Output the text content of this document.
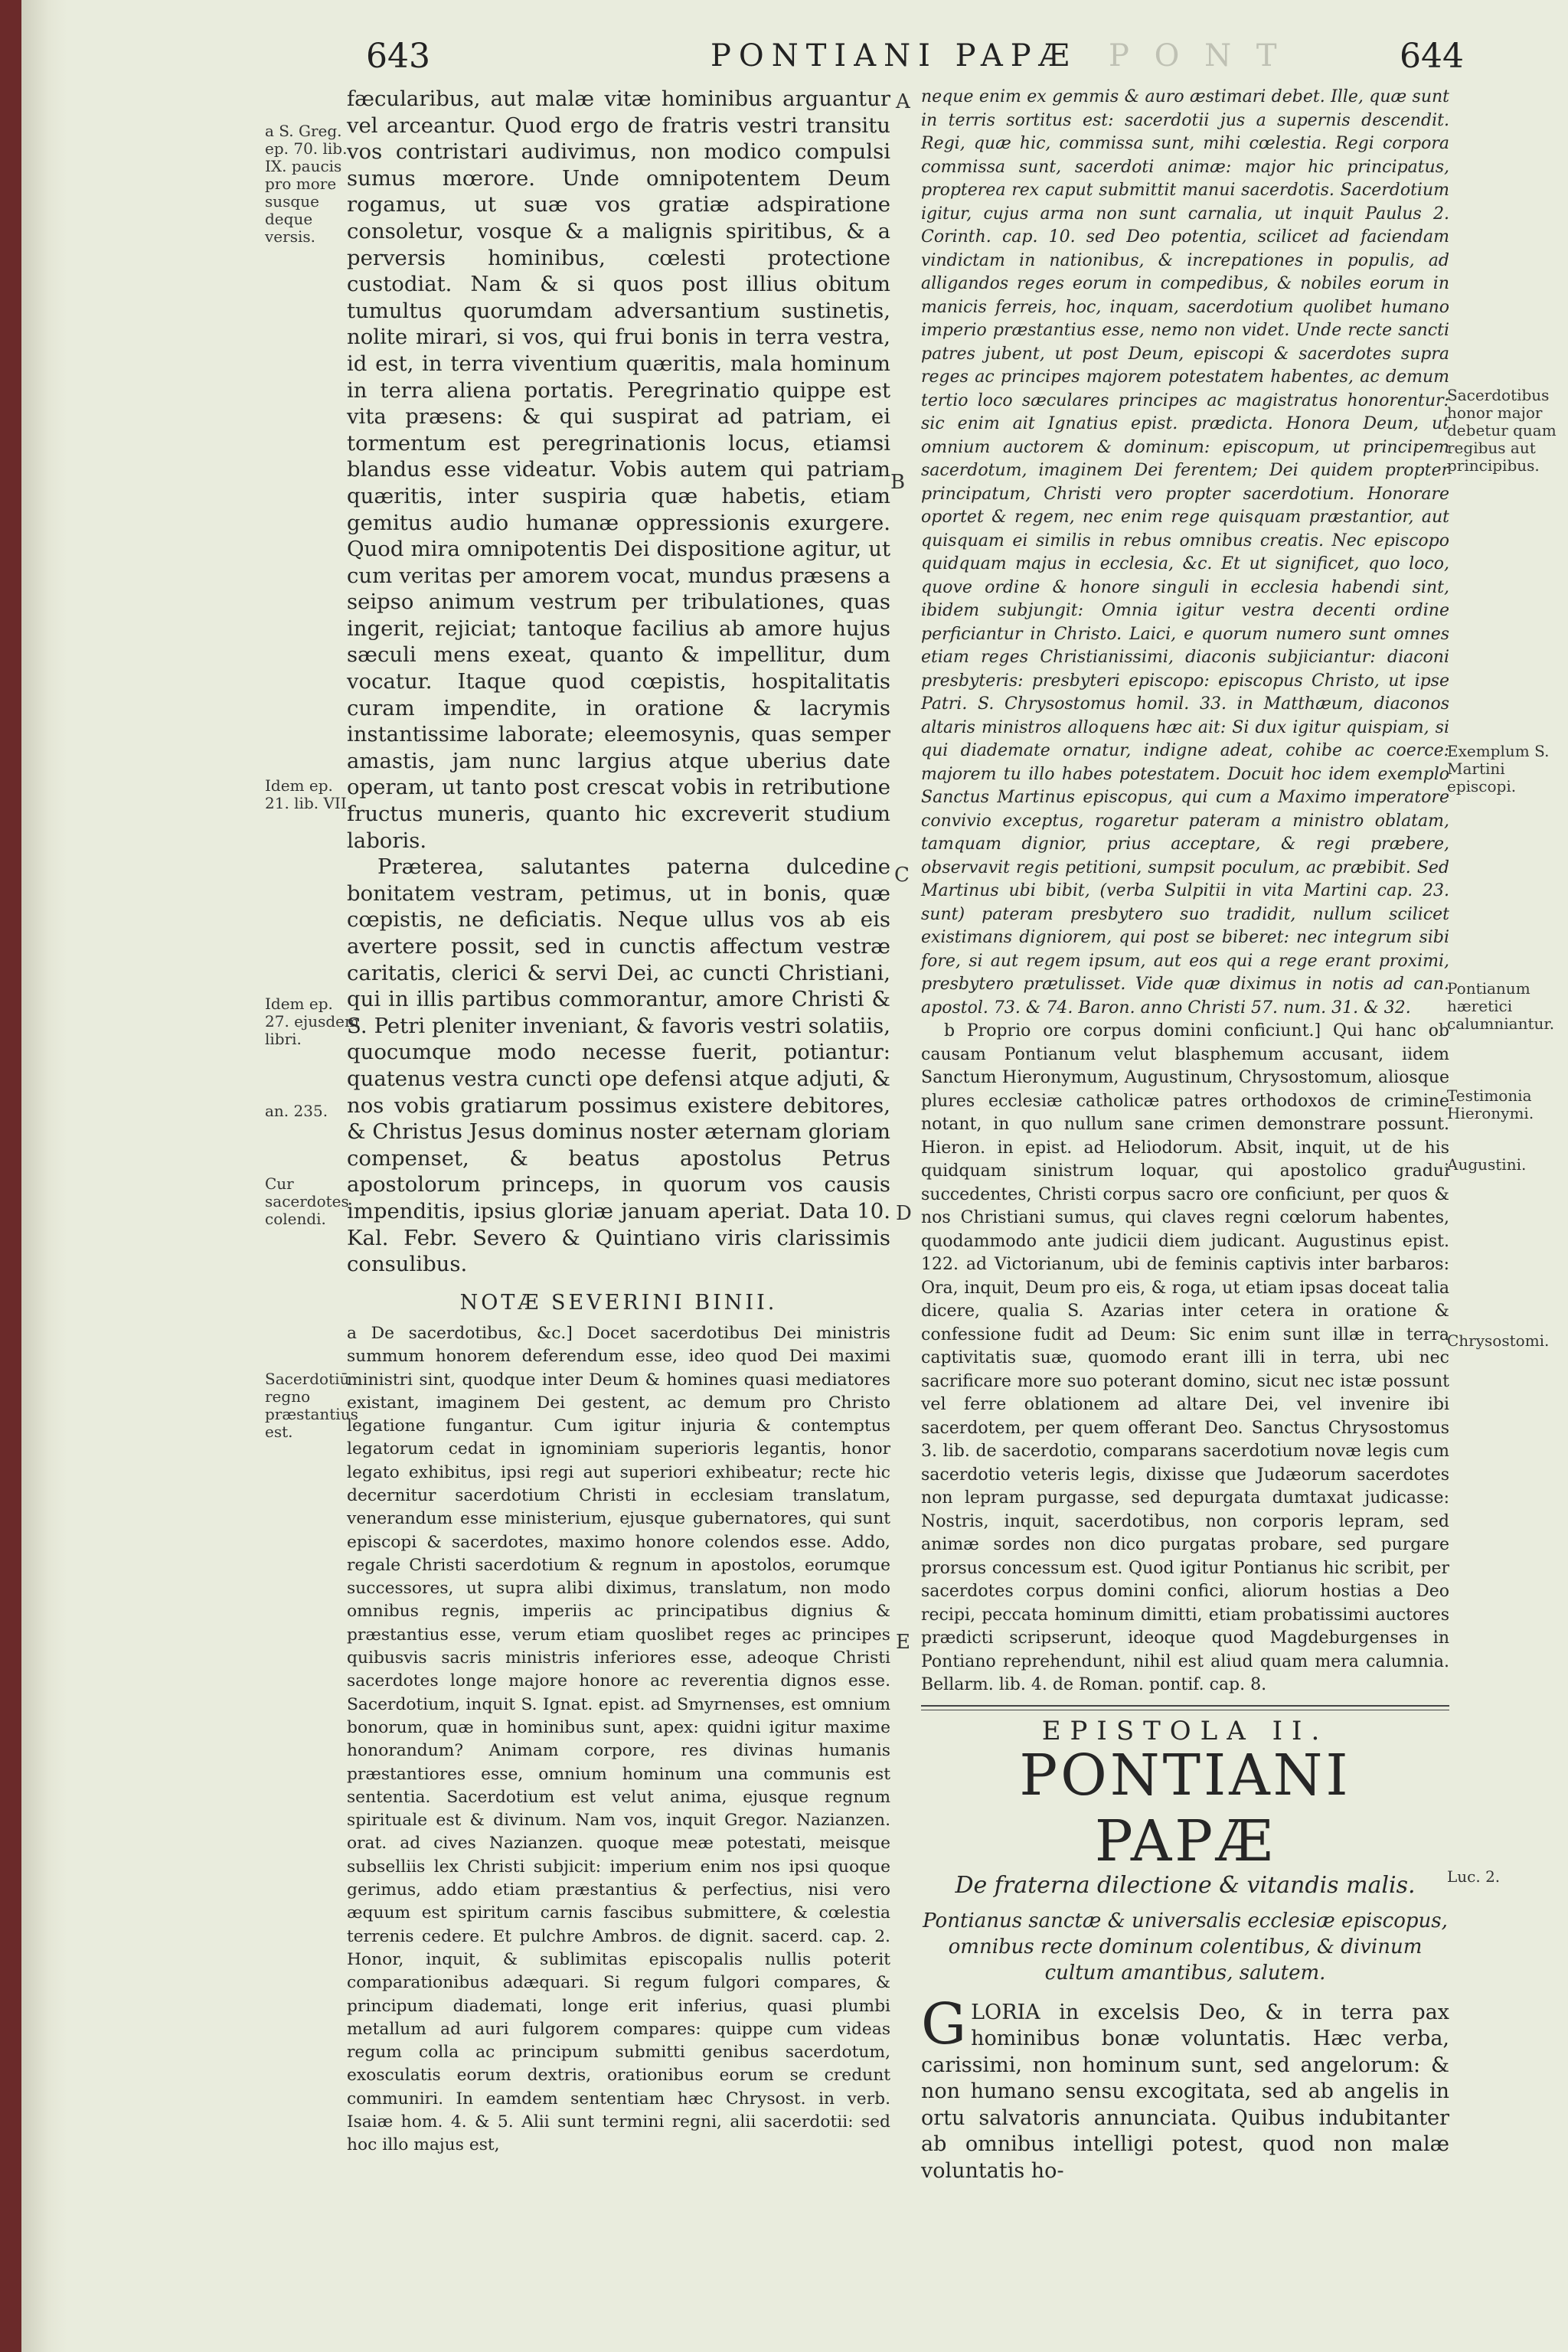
643	PONTIANI PAPÆ P O N T	644

fæcularibus, aut malæ vitæ hominibus arguantur vel arceantur. Quod ergo de fratris vestri transitu vos contristari audivimus, non modico compulsi sumus mœrore. Unde omnipotentem Deum rogamus, ut suæ vos gratiæ adspiratione consoletur, vosque & a malignis spiritibus, & a perversis hominibus, cœlesti protectione custodiat. Nam & si quos post illius obitum tumultus quorumdam adversantium sustinetis, nolite mirari, si vos, qui frui bonis in terra vestra, id est, in terra viventium quæritis, mala hominum in terra aliena portatis. Peregrinatio quippe est vita præsens: & qui suspirat ad patriam, ei tormentum est peregrinationis locus, etiamsi blandus esse videatur. Vobis autem qui patriam quæritis, inter suspiria quæ habetis, etiam gemitus audio humanæ oppressionis exurgere. Quod mira omnipotentis Dei dispositione agitur, ut cum veritas per amorem vocat, mundus præsens a seipso animum vestrum per tribulationes, quas ingerit, rejiciat; tantoque facilius ab amore hujus sæculi mens exeat, quanto & impellitur, dum vocatur. Itaque quod cœpistis, hospitalitatis curam impendite, in oratione & lacrymis instantissime laborate; eleemosynis, quas semper amastis, jam nunc largius atque uberius date operam, ut tanto post crescat vobis in retributione fructus muneris, quanto hic excreverit studium laboris.

Præterea, salutantes paterna dulcedine bonitatem vestram, petimus, ut in bonis, quæ cœpistis, ne deficiatis. Neque ullus vos ab eis avertere possit, sed in cunctis affectum vestræ caritatis, clerici & servi Dei, ac cuncti Christiani, qui in illis partibus commorantur, amore Christi & S. Petri pleniter inveniant, & favoris vestri solatiis, quocumque modo necesse fuerit, potiantur: quatenus vestra cuncti ope defensi atque adjuti, & nos vobis gratiarum possimus existere debitores, & Christus Jesus dominus noster æternam gloriam compenset, & beatus apostolus Petrus apostolorum princeps, in quorum vos causis impenditis, ipsius gloriæ januam aperiat. Data 10. Kal. Febr. Severo & Quintiano viris clarissimis consulibus.

NOTÆ SEVERINI BINII.

a De sacerdotibus, &c.] Docet sacerdotibus Dei ministris summum honorem deferendum esse, ideo quod Dei maximi ministri sint, quodque inter Deum & homines quasi mediatores existant, imaginem Dei gestent, ac demum pro Christo legatione fungantur. Cum igitur injuria & contemptus legatorum cedat in ignominiam superioris legantis, honor legato exhibitus, ipsi regi aut superiori exhibeatur; recte hic decernitur sacerdotium Christi in ecclesiam translatum, venerandum esse ministerium, ejusque gubernatores, qui sunt episcopi & sacerdotes, maximo honore colendos esse. Addo, regale Christi sacerdotium & regnum in apostolos, eorumque successores, ut supra alibi diximus, translatum, non modo omnibus regnis, imperiis ac principatibus dignius & præstantius esse, verum etiam quoslibet reges ac principes quibusvis sacris ministris inferiores esse, adeoque Christi sacerdotes longe majore honore ac reverentia dignos esse. Sacerdotium, inquit S. Ignat. epist. ad Smyrnenses, est omnium bonorum, quæ in hominibus sunt, apex: quidni igitur maxime honorandum? Animam corpore, res divinas humanis præstantiores esse, omnium hominum una communis est sententia. Sacerdotium est velut anima, ejusque regnum spirituale est & divinum. Nam vos, inquit Gregor. Nazianzen. orat. ad cives Nazianzen. quoque meæ potestati, meisque subselliis lex Christi subjicit: imperium enim nos ipsi quoque gerimus, addo etiam præstantius & perfectius, nisi vero æquum est spiritum carnis fascibus submittere, & cœlestia terrenis cedere. Et pulchre Ambros. de dignit. sacerd. cap. 2. Honor, inquit, & sublimitas episcopalis nullis poterit comparationibus adæquari. Si regum fulgori compares, & principum diademati, longe erit inferius, quasi plumbi metallum ad auri fulgorem compares: quippe cum videas regum colla ac principum submitti genibus sacerdotum, exosculatis eorum dextris, orationibus eorum se credunt communiri. In eamdem sententiam hæc Chrysost. in verb. Isaiæ hom. 4. & 5. Alii sunt termini regni, alii sacerdotii: sed hoc illo majus est,

neque enim ex gemmis & auro æstimari debet. Ille, quæ sunt in terris sortitus est: sacerdotii jus a supernis descendit. Regi, quæ hic, commissa sunt, mihi cœlestia. Regi corpora commissa sunt, sacerdoti animæ: major hic principatus, propterea rex caput submittit manui sacerdotis. Sacerdotium igitur, cujus arma non sunt carnalia, ut inquit Paulus 2. Corinth. cap. 10. sed Deo potentia, scilicet ad faciendam vindictam in nationibus, & increpationes in populis, ad alligandos reges eorum in compedibus, & nobiles eorum in manicis ferreis, hoc, inquam, sacerdotium quolibet humano imperio præstantius esse, nemo non videt. Unde recte sancti patres jubent, ut post Deum, episcopi & sacerdotes supra reges ac principes majorem potestatem habentes, ac demum tertio loco sæculares principes ac magistratus honorentur: sic enim ait Ignatius epist. prædicta. Honora Deum, ut omnium auctorem & dominum: episcopum, ut principem sacerdotum, imaginem Dei ferentem; Dei quidem propter principatum, Christi vero propter sacerdotium. Honorare oportet & regem, nec enim rege quisquam præstantior, aut quisquam ei similis in rebus omnibus creatis. Nec episcopo quidquam majus in ecclesia, &c. Et ut significet, quo loco, quove ordine & honore singuli in ecclesia habendi sint, ibidem subjungit: Omnia igitur vestra decenti ordine perficiantur in Christo. Laici, e quorum numero sunt omnes etiam reges Christianissimi, diaconis subjiciantur: diaconi presbyteris: presbyteri episcopo: episcopus Christo, ut ipse Patri. S. Chrysostomus homil. 33. in Matthæum, diaconos altaris ministros alloquens hæc ait: Si dux igitur quispiam, si qui diademate ornatur, indigne adeat, cohibe ac coerce: majorem tu illo habes potestatem. Docuit hoc idem exemplo Sanctus Martinus episcopus, qui cum a Maximo imperatore convivio exceptus, rogaretur pateram a ministro oblatam, tamquam dignior, prius acceptare, & regi præbere, observavit regis petitioni, sumpsit poculum, ac præbibit. Sed Martinus ubi bibit, (verba Sulpitii in vita Martini cap. 23. sunt) pateram presbytero suo tradidit, nullum scilicet existimans digniorem, qui post se biberet: nec integrum sibi fore, si aut regem ipsum, aut eos qui a rege erant proximi, presbytero prætulisset. Vide quæ diximus in notis ad can. apostol. 73. & 74. Baron. anno Christi 57. num. 31. & 32.

b Proprio ore corpus domini conficiunt.] Qui hanc ob causam Pontianum velut blasphemum accusant, iidem Sanctum Hieronymum, Augustinum, Chrysostomum, aliosque plures ecclesiæ catholicæ patres orthodoxos de crimine notant, in quo nullum sane crimen demonstrare possunt. Hieron. in epist. ad Heliodorum. Absit, inquit, ut de his quidquam sinistrum loquar, qui apostolico gradui succedentes, Christi corpus sacro ore conficiunt, per quos & nos Christiani sumus, qui claves regni cœlorum habentes, quodammodo ante judicii diem judicant. Augustinus epist. 122. ad Victorianum, ubi de feminis captivis inter barbaros: Ora, inquit, Deum pro eis, & roga, ut etiam ipsas doceat talia dicere, qualia S. Azarias inter cetera in oratione & confessione fudit ad Deum: Sic enim sunt illæ in terra captivitatis suæ, quomodo erant illi in terra, ubi nec sacrificare more suo poterant domino, sicut nec istæ possunt vel ferre oblationem ad altare Dei, vel invenire ibi sacerdotem, per quem offerant Deo. Sanctus Chrysostomus 3. lib. de sacerdotio, comparans sacerdotium novæ legis cum sacerdotio veteris legis, dixisse que Judæorum sacerdotes non lepram purgasse, sed depurgata dumtaxat judicasse: Nostris, inquit, sacerdotibus, non corporis lepram, sed animæ sordes non dico purgatas probare, sed purgare prorsus concessum est. Quod igitur Pontianus hic scribit, per sacerdotes corpus domini confici, aliorum hostias a Deo recipi, peccata hominum dimitti, etiam probatissimi auctores prædicti scripserunt, ideoque quod Magdeburgenses in Pontiano reprehendunt, nihil est aliud quam mera calumnia. Bellarm. lib. 4. de Roman. pontif. cap. 8.

EPISTOLA II.
PONTIANI PAPÆ
De fraterna dilectione & vitandis malis.
Pontianus sanctæ & universalis ecclesiæ episcopus, omnibus recte dominum colentibus, & divinum cultum amantibus, salutem.
G LORIA in excelsis Deo, & in terra pax hominibus bonæ voluntatis. Hæc verba, carissimi, non hominum sunt, sed angelorum: & non humano sensu excogitata, sed ab angelis in ortu salvatoris annunciata. Quibus indubitanter ab omnibus intelligi potest, quod non malæ voluntatis ho-
a S. Greg. ep. 70. lib. IX. paucis pro more susque deque versis.
Idem ep. 21. lib. VII.
Idem ep. 27. ejusdem libri.
an. 235.
Cur sacerdotes colendi.
Sacerdotiū regno præstantius est.
Sacerdotibus honor major debetur quam regibus aut principibus.
Exemplum S. Martini episcopi.
Pontianum hæretici calumniantur.
Testimonia Hieronymi.
Augustini.
Chrysostomi.
Luc. 2.
A
B
C
D
E
